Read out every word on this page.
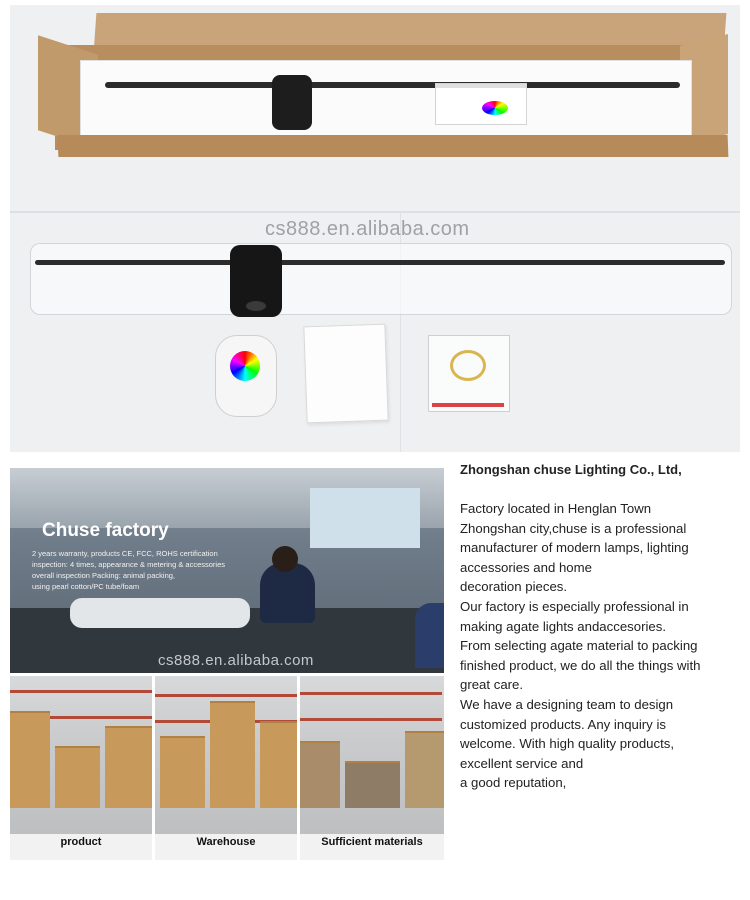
cs888.en.alibaba.com
Chuse factory
2 years warranty, products CE, FCC, ROHS certification
inspection: 4 times, appearance & metering & accessories
overall inspection Packing: animal packing,
using pearl cotton/PC tube/foam
cs888.en.alibaba.com
product	Warehouse	Sufficient materials
Zhongshan chuse Lighting Co., Ltd,
Factory located in Henglan Town
Zhongshan city,chuse is a professional
manufacturer of modern lamps, lighting
accessories and home
decoration pieces.
Our factory is especially professional in
making agate lights andaccesories.
From selecting agate material to packing
finished product, we do all the things with
great care.
We have a designing team to design
customized products. Any inquiry is
welcome. With high quality products,
excellent service and
a good reputation,
